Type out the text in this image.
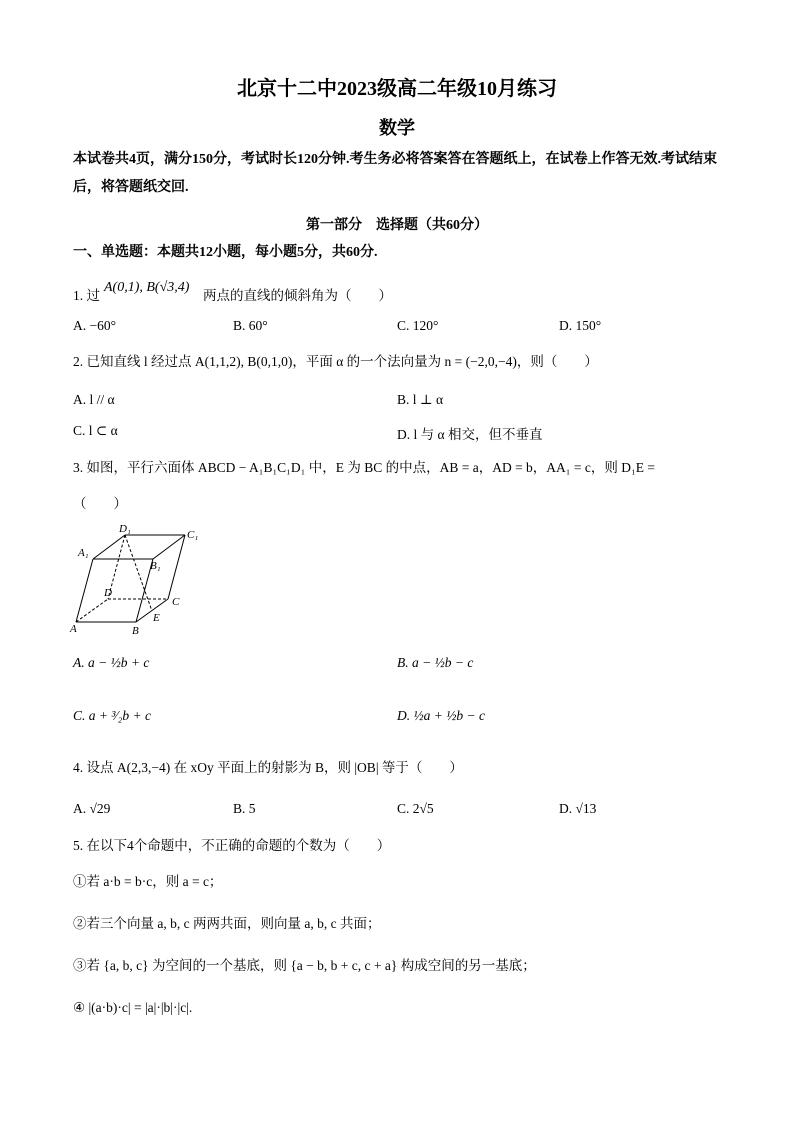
北京十二中2023级高二年级10月练习
数学
本试卷共4页，满分150分，考试时长120分钟.考生务必将答案答在答题纸上，在试卷上作答无效.考试结束后，将答题纸交回.
第一部分　选择题（共60分）
一、单选题：本题共12小题，每小题5分，共60分.
1. 过
A(0,1), B(√3,4)
两点的直线的倾斜角为（　　）
A. −60°	B. 60°	C. 120°	D. 150°
2. 已知直线 l 经过点 A(1,1,2), B(0,1,0)，平面 α 的一个法向量为 n = (−2,0,−4)，则（　　）
A. l // α	B. l ⊥ α
C. l ⊂ α	D. l 与 α 相交，但不垂直
3. 如图，平行六面体 ABCD − A₁B₁C₁D₁ 中，E 为 BC 的中点，AB = a，AD = b，AA₁ = c，则 D₁E =
（　　）
D₁	C₁
A₁
B₁
D
C
A	B
E
A. a − ½b + c	B. a − ½b − c
C. a + ³⁄₂b + c	D. ½a + ½b − c
4. 设点 A(2,3,−4) 在 xOy 平面上的射影为 B，则 |OB| 等于（　　）
A. √29	B. 5	C. 2√5	D. √13
5. 在以下4个命题中，不正确的命题的个数为（　　）
①若 a·b = b·c，则 a = c；
②若三个向量 a, b, c 两两共面，则向量 a, b, c 共面；
③若 {a, b, c} 为空间的一个基底，则 {a − b, b + c, c + a} 构成空间的另一基底；
④ |(a·b)·c| = |a|·|b|·|c|.
